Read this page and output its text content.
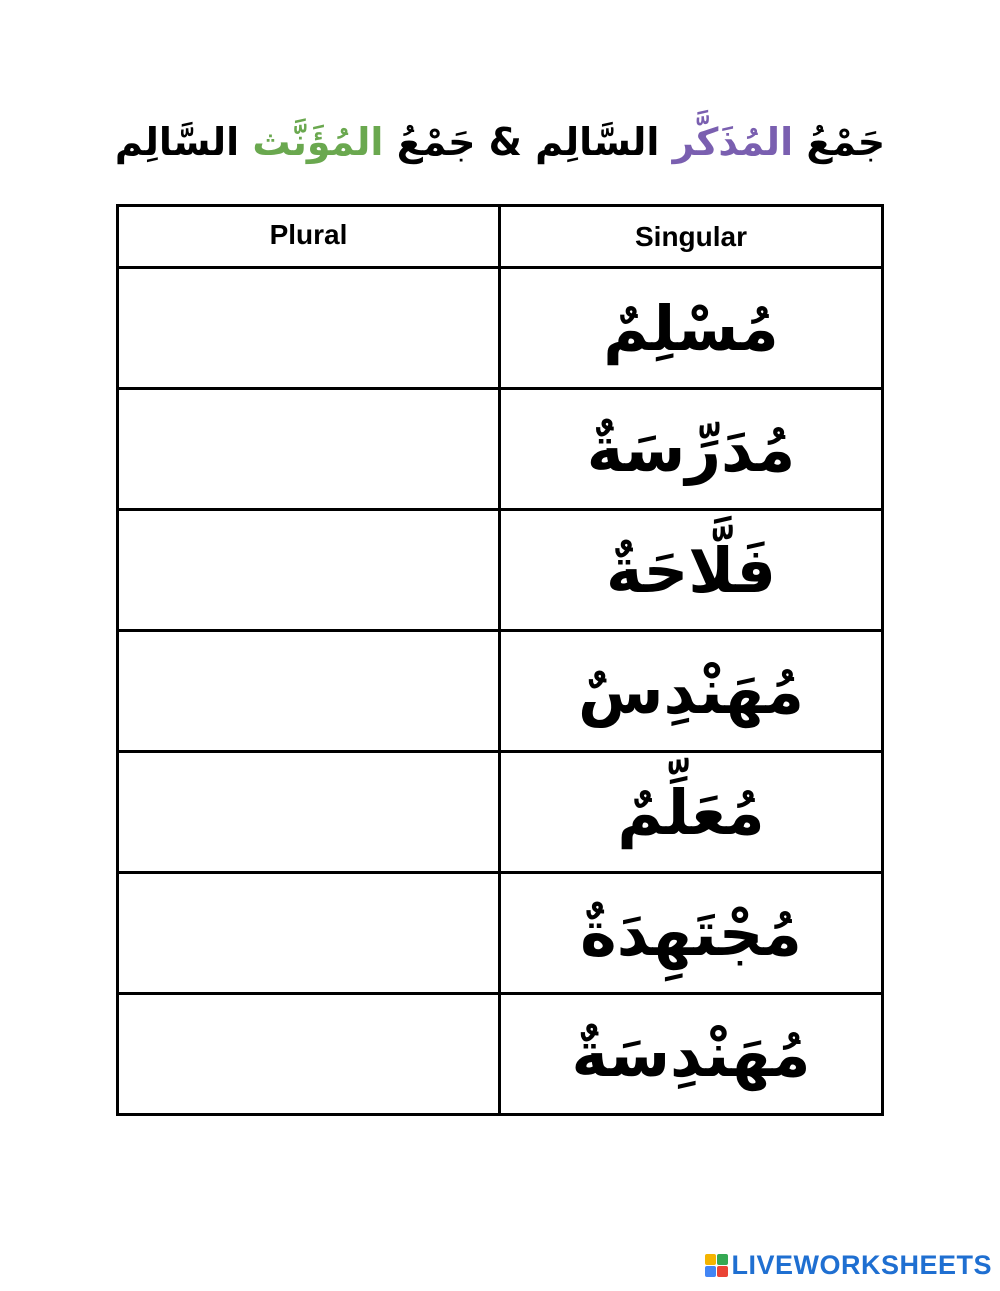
جَمْعُ المُذَكَّر السَّالِم & جَمْعُ المُؤَنَّث السَّالِم
Plural	Singular
	مُسْلِمٌ
	مُدَرِّسَةٌ
	فَلَّاحَةٌ
	مُهَنْدِسٌ
	مُعَلِّمٌ
	مُجْتَهِدَةٌ
	مُهَنْدِسَةٌ
LIVEWORKSHEETS
